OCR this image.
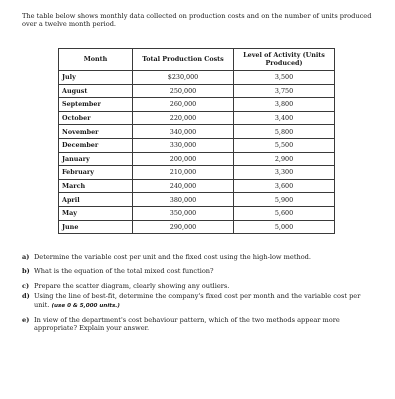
The table below shows monthly data collected on production costs and on the number of units produced over a twelve month period.
Month	Total Production Costs	Level of Activity (Units Produced)
July	$230,000	3,500
August	250,000	3,750
September	260,000	3,800
October	220,000	3,400
November	340,000	5,800
December	330,000	5,500
January	200,000	2,900
February	210,000	3,300
March	240,000	3,600
April	380,000	5,900
May	350,000	5,600
June	290,000	5,000
a) Determine the variable cost per unit and the fixed cost using the high-low method.
b) What is the equation of the total mixed cost function?
c) Prepare the scatter diagram, clearly showing any outliers.
d) Using the line of best-fit, determine the company's fixed cost per month and the variable cost per unit. (use 0 & 5,000 units.)
e) In view of the department's cost behaviour pattern, which of the two methods appear more appropriate? Explain your answer.
